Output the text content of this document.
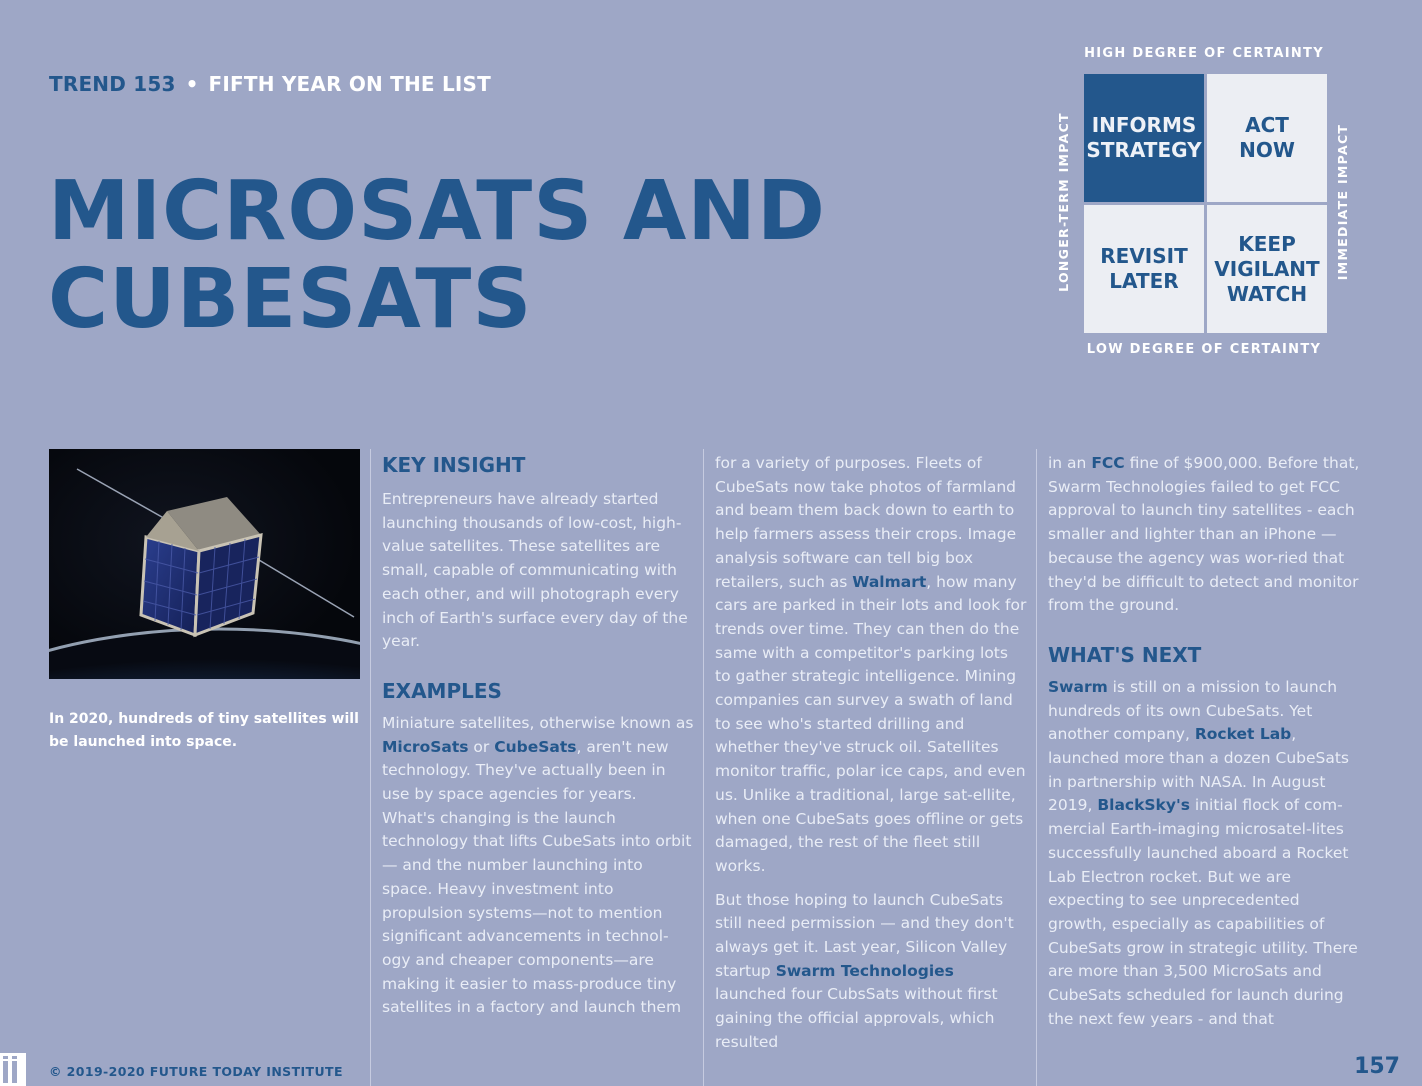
TREND 153 • FIFTH YEAR ON THE LIST
MICROSATS AND
CUBESATS
HIGH DEGREE OF CERTAINTY
LONGER-TERM IMPACT	IMMEDIATE IMPACT
INFORMS
STRATEGY
ACT
NOW
REVISIT
LATER
KEEP
VIGILANT
WATCH
LOW DEGREE OF CERTAINTY
In 2020, hundreds of tiny satellites will be launched into space.
KEY INSIGHT

Entrepreneurs have already started launching thousands of low-cost, high-value satellites. These satellites are small, capable of communicating with each other, and will photograph every inch of Earth's surface every day of the year.

EXAMPLES

Miniature satellites, otherwise known as MicroSats or CubeSats, aren't new technology. They've actually been in use by space agencies for years. What's changing is the launch technology that lifts CubeSats into orbit — and the number launching into space. Heavy investment into propulsion systems—not to mention significant advancements in technol-ogy and cheaper components—are making it easier to mass-produce tiny satellites in a factory and launch them

for a variety of purposes. Fleets of CubeSats now take photos of farmland and beam them back down to earth to help farmers assess their crops. Image analysis software can tell big box retailers, such as Walmart, how many cars are parked in their lots and look for trends over time. They can then do the same with a competitor's parking lots to gather strategic intelligence. Mining companies can survey a swath of land to see who's started drilling and whether they've struck oil. Satellites monitor traffic, polar ice caps, and even us. Unlike a traditional, large sat-ellite, when one CubeSats goes offline or gets damaged, the rest of the fleet still works.

But those hoping to launch CubeSats still need permission — and they don't always get it. Last year, Silicon Valley startup Swarm Technologies launched four CubsSats without first gaining the official approvals, which resulted

in an FCC fine of $900,000. Before that, Swarm Technologies failed to get FCC approval to launch tiny satellites - each smaller and lighter than an iPhone — because the agency was wor-ried that they'd be difficult to detect and monitor from the ground.

WHAT'S NEXT

Swarm is still on a mission to launch hundreds of its own CubeSats. Yet another company, Rocket Lab, launched more than a dozen CubeSats in partnership with NASA. In August 2019, BlackSky's initial flock of com-mercial Earth-imaging microsatel-lites successfully launched aboard a Rocket Lab Electron rocket. But we are expecting to see unprecedented growth, especially as capabilities of CubeSats grow in strategic utility. There are more than 3,500 MicroSats and CubeSats scheduled for launch during the next few years - and that

© 2019-2020 FUTURE TODAY INSTITUTE	157
